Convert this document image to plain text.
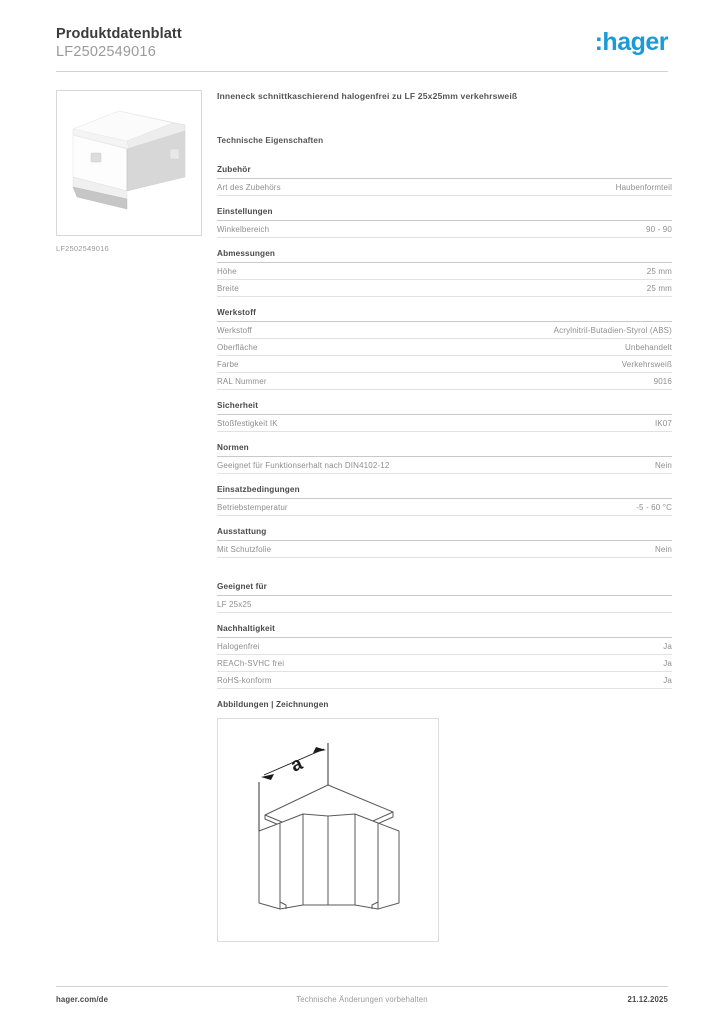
Produktdatenblatt
LF2502549016	:hager
LF2502549016
Inneneck schnittkaschierend halogenfrei zu LF 25x25mm verkehrsweiß
Technische Eigenschaften
Zubehör
Art des Zubehörs	Haubenformteil
Einstellungen
Winkelbereich	90 - 90
Abmessungen
Höhe	25 mm
Breite	25 mm
Werkstoff
Werkstoff	Acrylnitril-Butadien-Styrol (ABS)
Oberfläche	Unbehandelt
Farbe	Verkehrsweiß
RAL Nummer	9016
Sicherheit
Stoßfestigkeit IK	IK07
Normen
Geeignet für Funktionserhalt nach DIN4102-12	Nein
Einsatzbedingungen
Betriebstemperatur	-5 - 60 °C
Ausstattung
Mit Schutzfolie	Nein
Geeignet für
LF 25x25
Nachhaltigkeit
Halogenfrei	Ja
REACh-SVHC frei	Ja
RoHS-konform	Ja
Abbildungen | Zeichnungen
a
hager.com/de	Technische Änderungen vorbehalten	21.12.2025
